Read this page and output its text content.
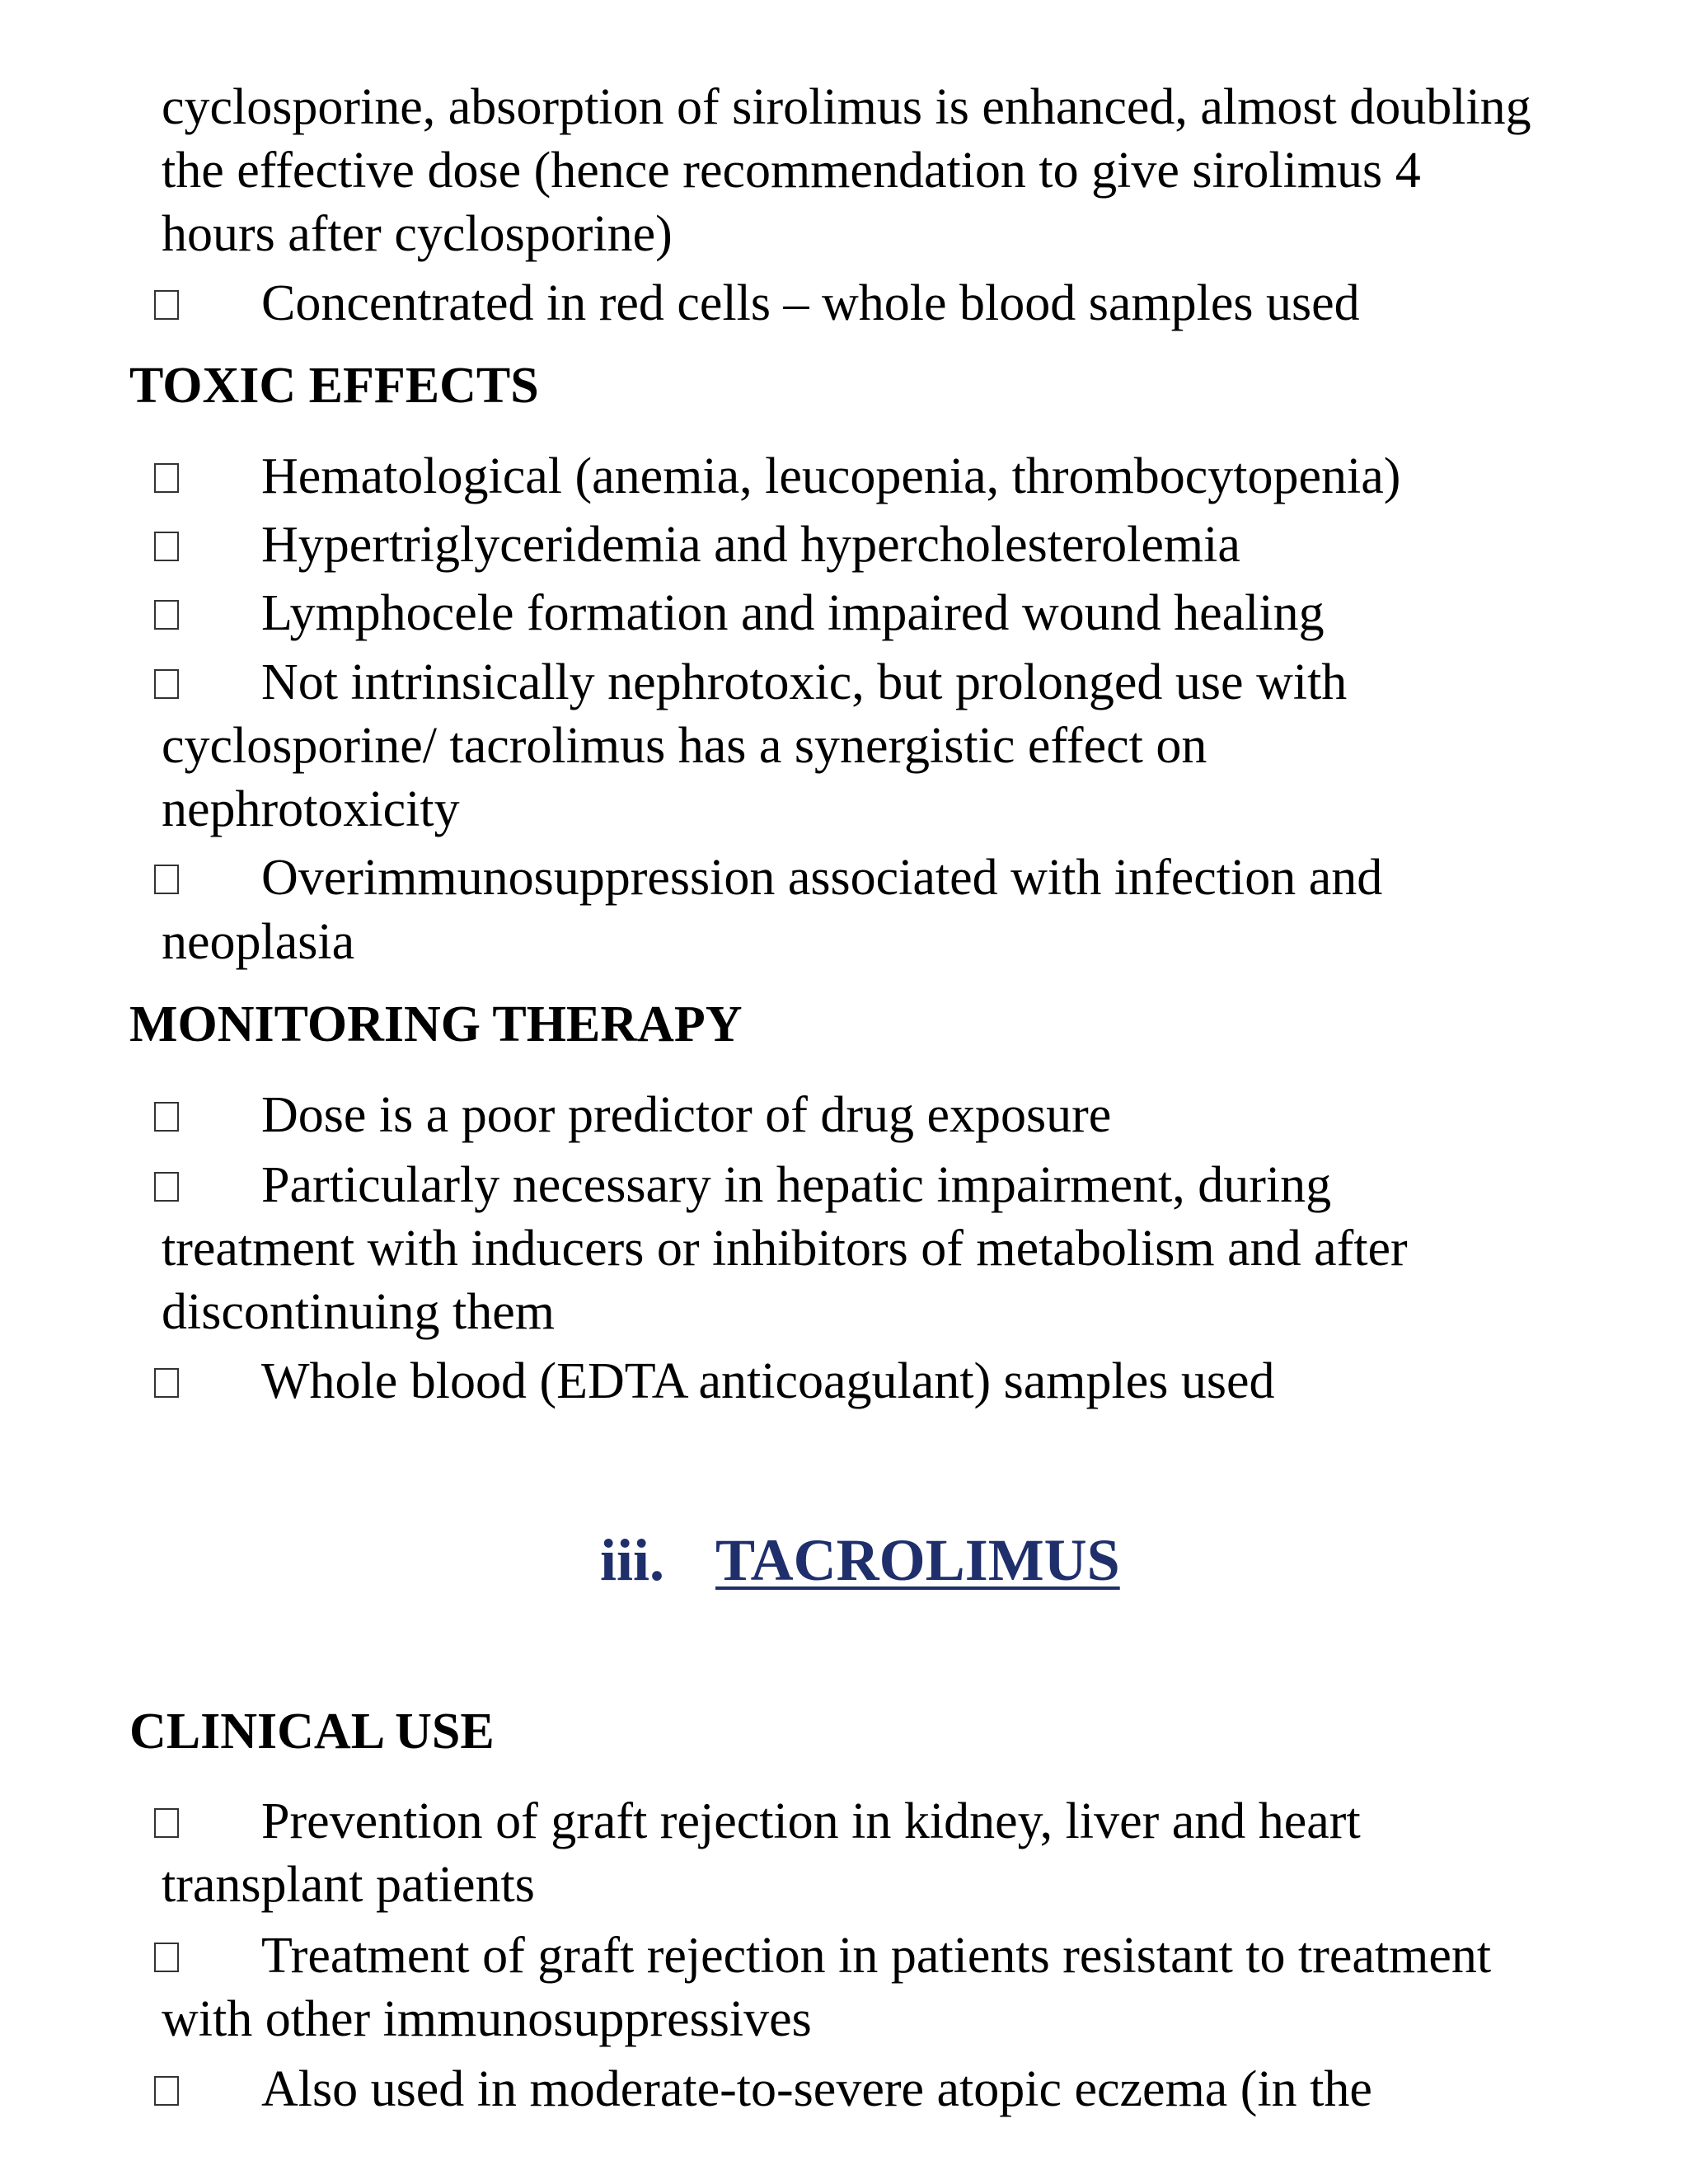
cyclosporine, absorption of sirolimus is enhanced, almost doubling
the effective dose (hence recommendation to give sirolimus 4
hours after cyclosporine)
Concentrated in red cells – whole blood samples used
TOXIC EFFECTS
Hematological (anemia, leucopenia, thrombocytopenia)
Hypertriglyceridemia and hypercholesterolemia
Lymphocele formation and impaired wound healing
Not intrinsically nephrotoxic, but prolonged use with
cyclosporine/ tacrolimus has a synergistic effect on
nephrotoxicity
Overimmunosuppression associated with infection and
neoplasia
MONITORING THERAPY
Dose is a poor predictor of drug exposure
Particularly necessary in hepatic impairment, during
treatment with inducers or inhibitors of metabolism and after
discontinuing them
Whole blood (EDTA anticoagulant) samples used
iii. TACROLIMUS
CLINICAL USE
Prevention of graft rejection in kidney, liver and heart
transplant patients
Treatment of graft rejection in patients resistant to treatment
with other immunosuppressives
Also used in moderate-to-severe atopic eczema (in the
